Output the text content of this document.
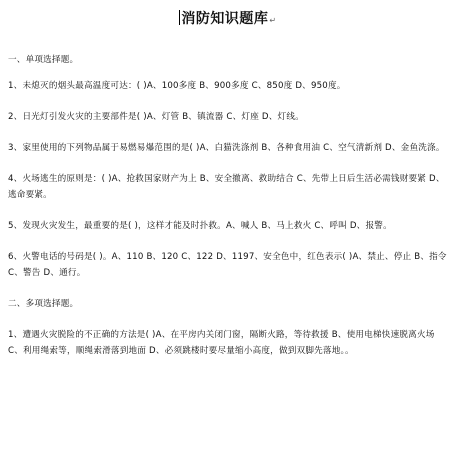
消防知识题库↵

一、单项选择题。

1、未熄灭的烟头最高温度可达：( )A、100多度 B、900多度 C、850度 D、950度。

2、日光灯引发火灾的主要部件是( )A、灯管 B、镇流器 C、灯座 D、灯线。

3、家里使用的下列物品属于易燃易爆范围的是( )A、白猫洗涤剂 B、各种食用油 C、空气清新剂 D、金鱼洗涤。

4、火场逃生的原则是：( )A、抢救国家财产为上 B、安全撤离、救助结合 C、先带上日后生活必需钱财要紧 D、逃命要紧。

5、发现火灾发生，最重要的是( )，这样才能及时扑救。A、喊人 B、马上救火 C、呼叫 D、报警。

6、火警电话的号码是( )。A、110 B、120 C、122 D、1197、安全色中，红色表示( )A、禁止、停止 B、指令 C、警告 D、通行。

二、多项选择题。

1、遭遇火灾脱险的不正确的方法是( )A、在平房内关闭门窗，隔断火路，等待救援 B、使用电梯快速脱离火场 C、利用绳索等，顺绳索滑落到地面 D、必须跳楼时要尽量缩小高度，做到双脚先落地。。
